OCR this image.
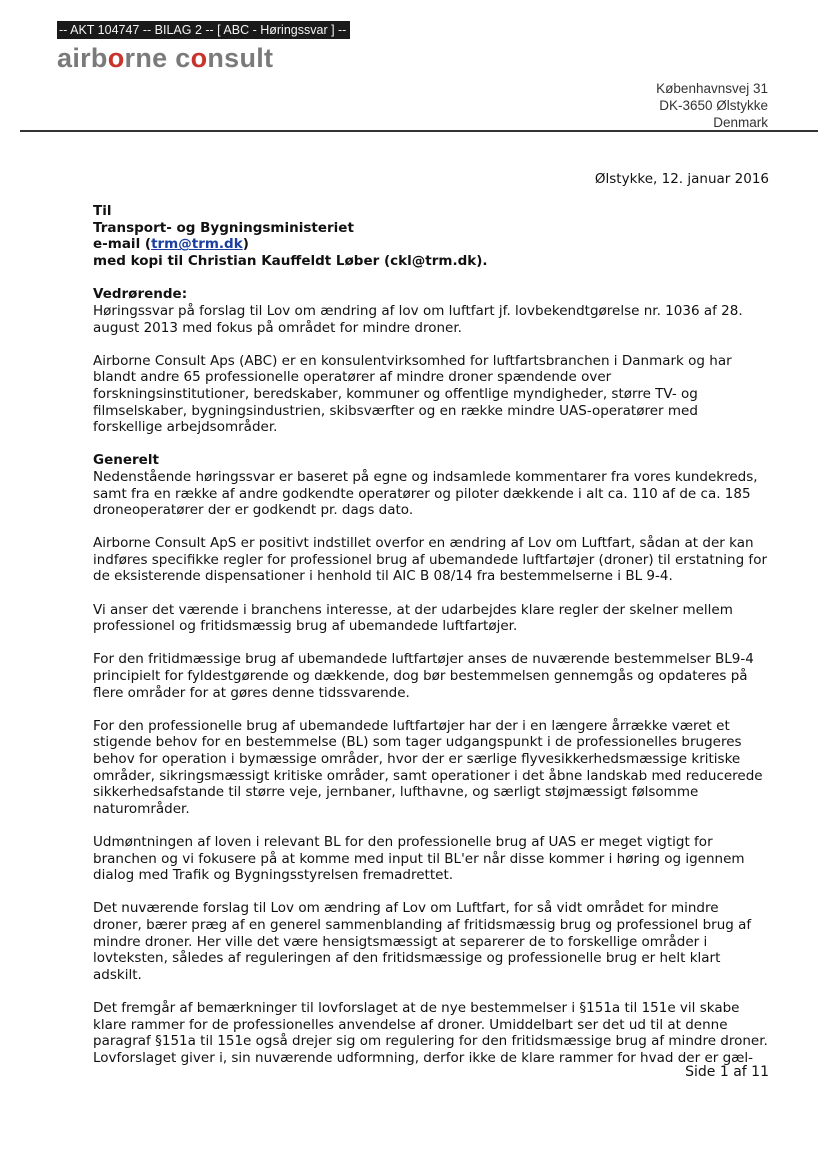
-- AKT 104747 -- BILAG 2 -- [ ABC - Høringssvar ] --
airborne consult
Københavnsvej 31
DK-3650 Ølstykke
Denmark
Ølstykke, 12. januar 2016
Til
Transport- og Bygningsministeriet
e-mail (trm@trm.dk)
med kopi til Christian Kauffeldt Løber (ckl@trm.dk).

Vedrørende:
Høringssvar på forslag til Lov om ændring af lov om luftfart jf. lovbekendtgørelse nr. 1036 af 28. august 2013 med fokus på området for mindre droner.

Airborne Consult Aps (ABC) er en konsulentvirksomhed for luftfartsbranchen i Danmark og har blandt andre 65 professionelle operatører af mindre droner spændende over forskningsinstitutioner, beredskaber, kommuner og offentlige myndigheder, større TV- og filmselskaber, bygningsindustrien, skibsværfter og en række mindre UAS-operatører med forskellige arbejdsområder.

Generelt
Nedenstående høringssvar er baseret på egne og indsamlede kommentarer fra vores kundekreds, samt fra en række af andre godkendte operatører og piloter dækkende i alt ca. 110 af de ca. 185 droneoperatører der er godkendt pr. dags dato.

Airborne Consult ApS er positivt indstillet overfor en ændring af Lov om Luftfart, sådan at der kan indføres specifikke regler for professionel brug af ubemandede luftfartøjer (droner) til erstatning for de eksisterende dispensationer i henhold til AIC B 08/14 fra bestemmelserne i BL 9-4.

Vi anser det værende i branchens interesse, at der udarbejdes klare regler der skelner mellem professionel og fritidsmæssig brug af ubemandede luftfartøjer.

For den fritidmæssige brug af ubemandede luftfartøjer anses de nuværende bestemmelser BL9-4 principielt for fyldestgørende og dækkende, dog bør bestemmelsen gennemgås og opdateres på flere områder for at gøres denne tidssvarende.

For den professionelle brug af ubemandede luftfartøjer har der i en længere årrække været et stigende behov for en bestemmelse (BL) som tager udgangspunkt i de professionelles brugeres behov for operation i bymæssige områder, hvor der er særlige flyvesikkerhedsmæssige kritiske områder, sikringsmæssigt kritiske områder, samt operationer i det åbne landskab med reducerede sikkerhedsafstande til større veje, jernbaner, lufthavne, og særligt støjmæssigt følsomme naturområder.

Udmøntningen af loven i relevant BL for den professionelle brug af UAS er meget vigtigt for branchen og vi fokusere på at komme med input til BL'er når disse kommer i høring og igennem dialog med Trafik og Bygningsstyrelsen fremadrettet.

Det nuværende forslag til Lov om ændring af Lov om Luftfart, for så vidt området for mindre droner, bærer præg af en generel sammenblanding af fritidsmæssig brug og professionel brug af mindre droner. Her ville det være hensigtsmæssigt at separerer de to forskellige områder i lovteksten, således af reguleringen af den fritidsmæssige og professionelle brug er helt klart adskilt.

Det fremgår af bemærkninger til lovforslaget at de nye bestemmelser i §151a til 151e vil skabe klare rammer for de professionelles anvendelse af droner. Umiddelbart ser det ud til at denne paragraf §151a til 151e også drejer sig om regulering for den fritidsmæssige brug af mindre droner. Lovforslaget giver i, sin nuværende udformning, derfor ikke de klare rammer for hvad der er gæl-

Side 1 af 11
